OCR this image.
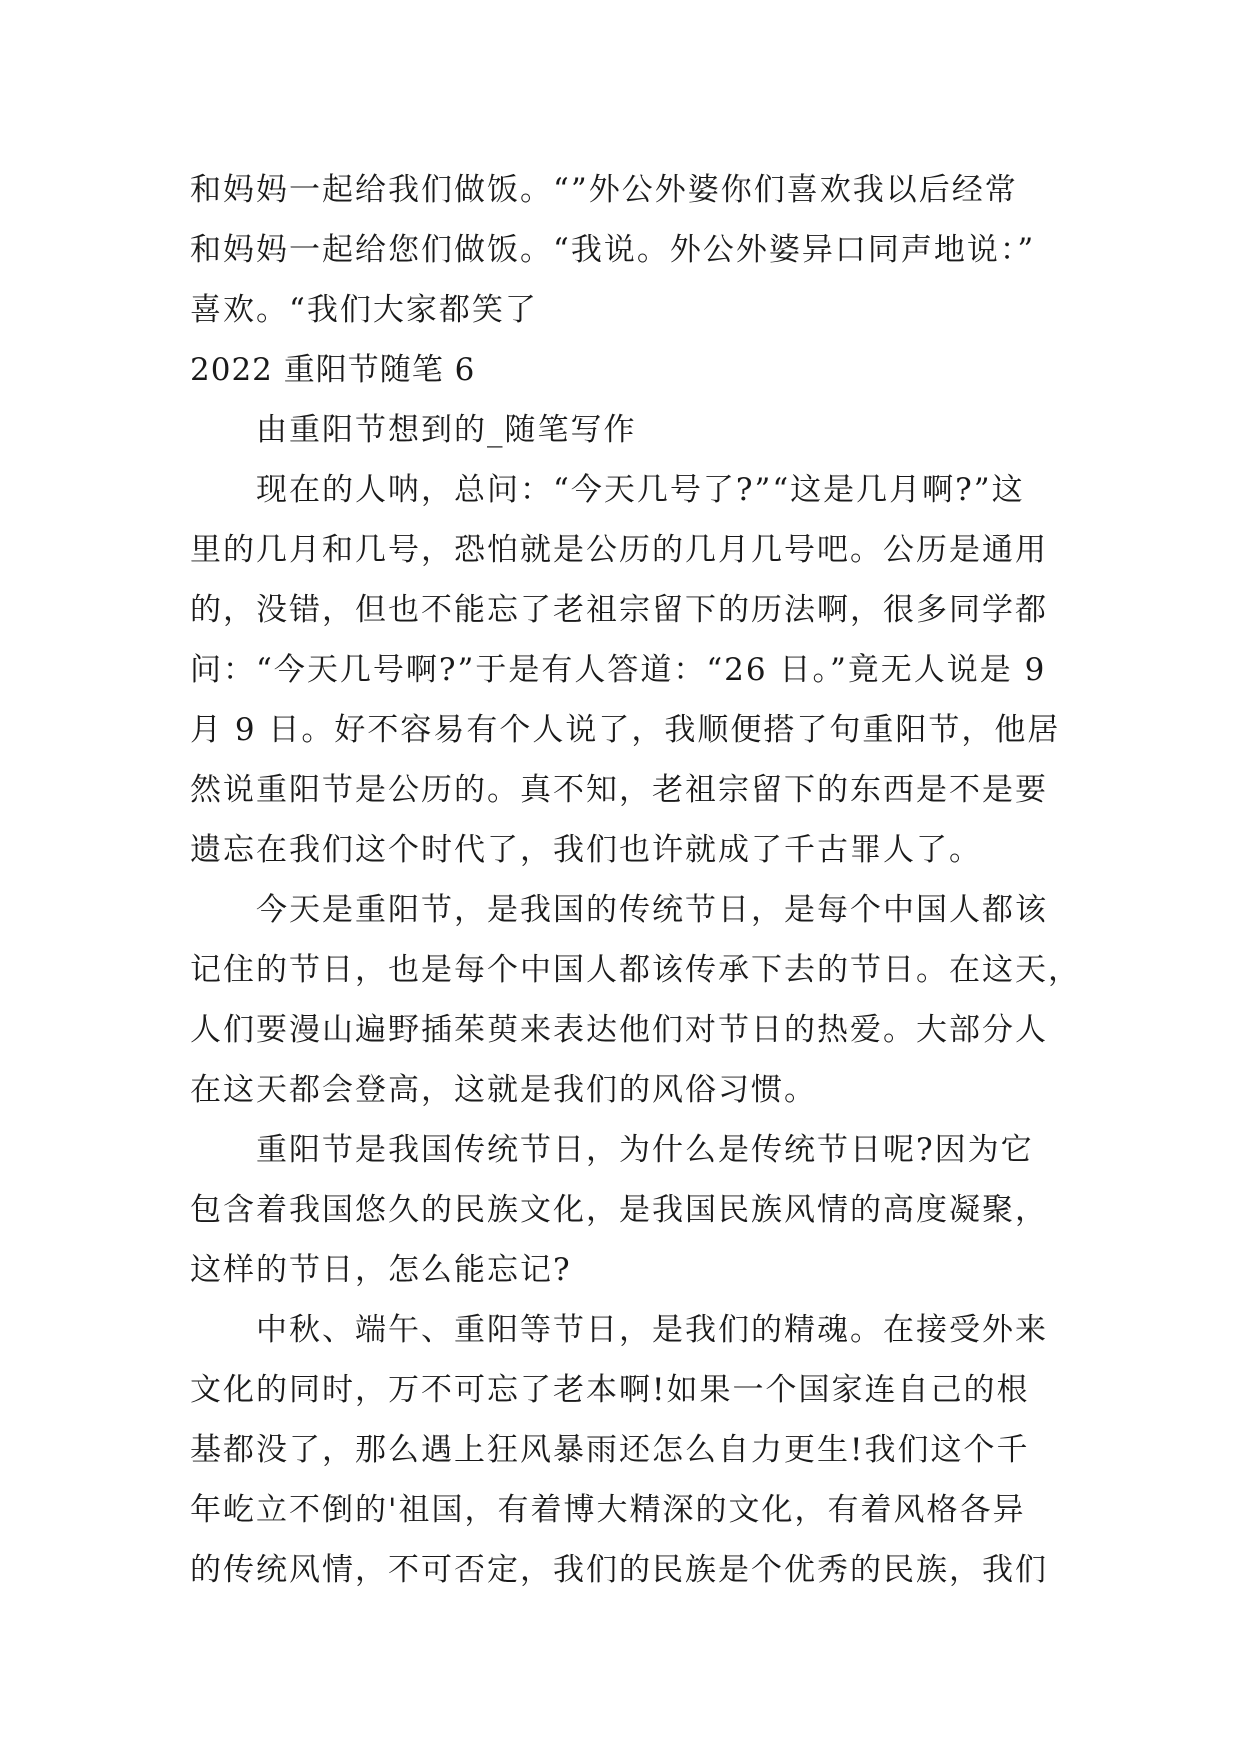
和妈妈一起给我们做饭。“”外公外婆你们喜欢我以后经常
和妈妈一起给您们做饭。“我说。外公外婆异口同声地说：”
喜欢。“我们大家都笑了
2022 重阳节随笔 6
由重阳节想到的_随笔写作
现在的人呐，总问：“今天几号了?”“这是几月啊?”这
里的几月和几号，恐怕就是公历的几月几号吧。公历是通用
的，没错，但也不能忘了老祖宗留下的历法啊，很多同学都
问：“今天几号啊?”于是有人答道：“26 日。”竟无人说是 9
月 9 日。好不容易有个人说了，我顺便搭了句重阳节，他居
然说重阳节是公历的。真不知，老祖宗留下的东西是不是要
遗忘在我们这个时代了，我们也许就成了千古罪人了。
今天是重阳节，是我国的传统节日，是每个中国人都该
记住的节日，也是每个中国人都该传承下去的节日。在这天，
人们要漫山遍野插茱萸来表达他们对节日的热爱。大部分人
在这天都会登高，这就是我们的风俗习惯。
重阳节是我国传统节日，为什么是传统节日呢?因为它
包含着我国悠久的民族文化，是我国民族风情的高度凝聚，
这样的节日，怎么能忘记?
中秋、端午、重阳等节日，是我们的精魂。在接受外来
文化的同时，万不可忘了老本啊!如果一个国家连自己的根
基都没了，那么遇上狂风暴雨还怎么自力更生!我们这个千
年屹立不倒的'祖国，有着博大精深的文化，有着风格各异
的传统风情，不可否定，我们的民族是个优秀的民族，我们
